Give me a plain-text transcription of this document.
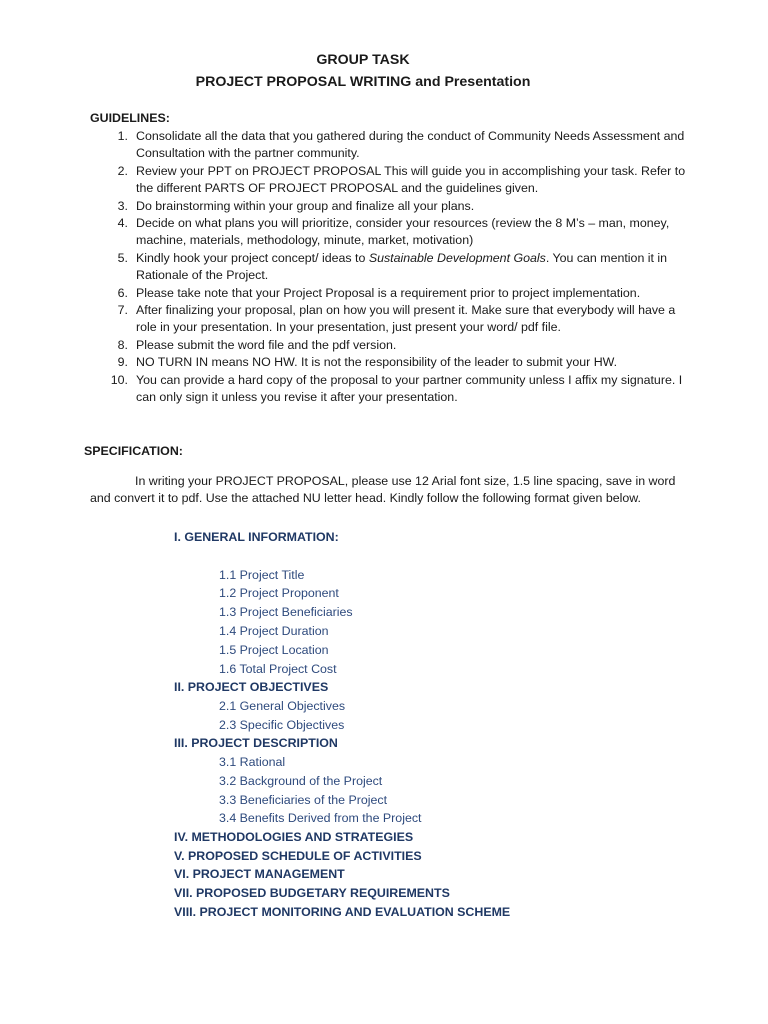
GROUP TASK
PROJECT PROPOSAL WRITING and Presentation
GUIDELINES:
1. Consolidate all the data that you gathered during the conduct of Community Needs Assessment and Consultation with the partner community.
2. Review your PPT on PROJECT PROPOSAL This will guide you in accomplishing your task. Refer to the different PARTS OF PROJECT PROPOSAL and the guidelines given.
3. Do brainstorming within your group and finalize all your plans.
4. Decide on what plans you will prioritize, consider your resources (review the 8 M’s – man, money, machine, materials, methodology, minute, market, motivation)
5. Kindly hook your project concept/ ideas to Sustainable Development Goals. You can mention it in Rationale of the Project.
6. Please take note that your Project Proposal is a requirement prior to project implementation.
7. After finalizing your proposal, plan on how you will present it. Make sure that everybody will have a role in your presentation. In your presentation, just present your word/ pdf file.
8. Please submit the word file and the pdf version.
9. NO TURN IN means NO HW. It is not the responsibility of the leader to submit your HW.
10. You can provide a hard copy of the proposal to your partner community unless I affix my signature. I can only sign it unless you revise it after your presentation.
SPECIFICATION:

In writing your PROJECT PROPOSAL, please use 12 Arial font size, 1.5 line spacing, save in word
and convert it to pdf. Use the attached NU letter head. Kindly follow the following format given below.

I. GENERAL INFORMATION:
1.1 Project Title
1.2 Project Proponent
1.3 Project Beneficiaries
1.4 Project Duration
1.5 Project Location
1.6 Total Project Cost
II. PROJECT OBJECTIVES
2.1 General Objectives
2.3 Specific Objectives
III. PROJECT DESCRIPTION
3.1 Rational
3.2 Background of the Project
3.3 Beneficiaries of the Project
3.4 Benefits Derived from the Project
IV. METHODOLOGIES AND STRATEGIES
V. PROPOSED SCHEDULE OF ACTIVITIES
VI. PROJECT MANAGEMENT
VII. PROPOSED BUDGETARY REQUIREMENTS
VIII. PROJECT MONITORING AND EVALUATION SCHEME
